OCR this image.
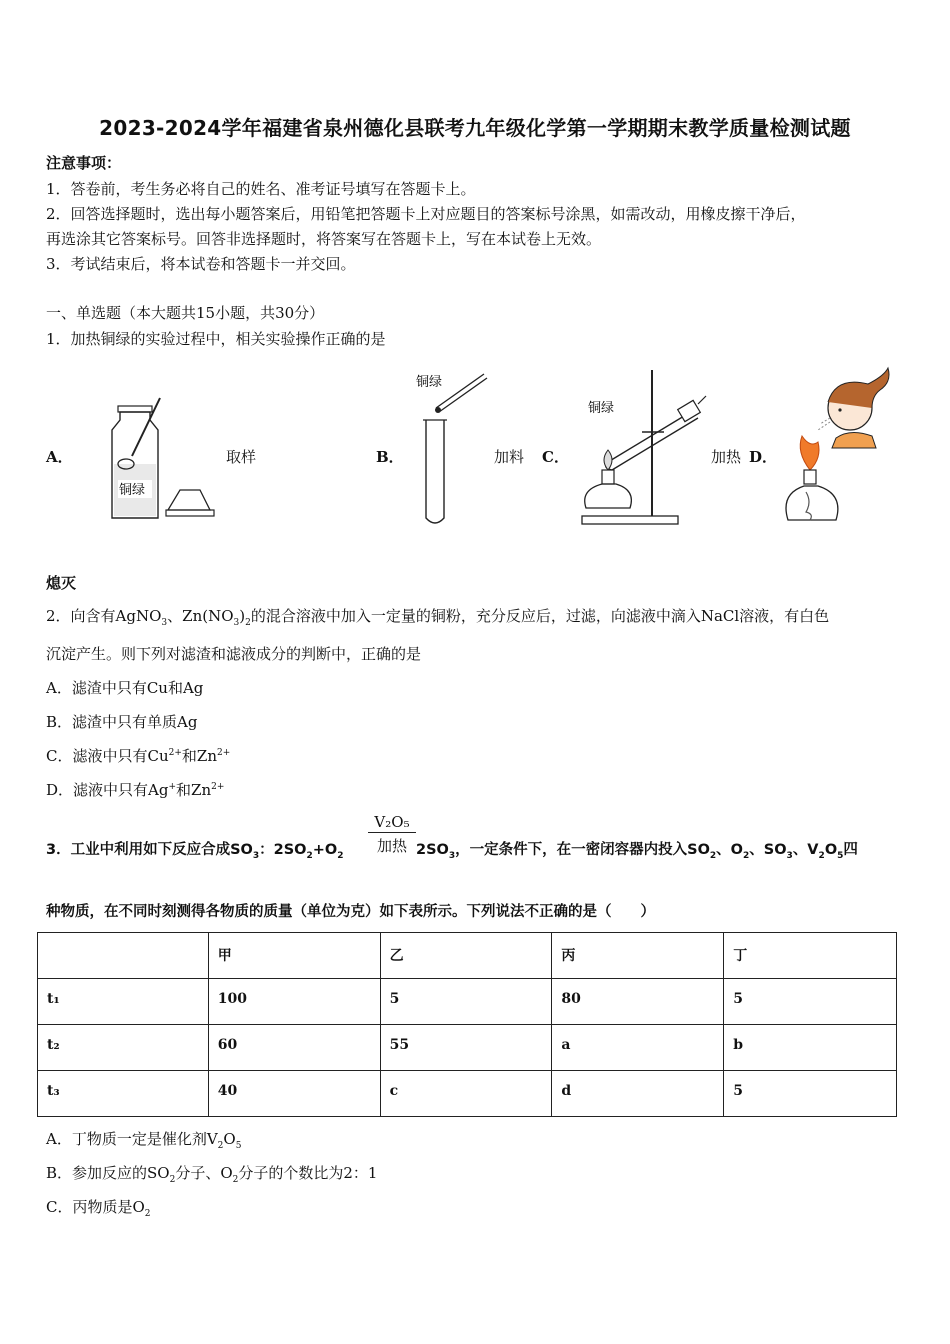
2023-2024学年福建省泉州德化县联考九年级化学第一学期期末教学质量检测试题
注意事项：
1．答卷前，考生务必将自己的姓名、准考证号填写在答题卡上。
2．回答选择题时，选出每小题答案后，用铅笔把答题卡上对应题目的答案标号涂黑，如需改动，用橡皮擦干净后，
再选涂其它答案标号。回答非选择题时，将答案写在答题卡上，写在本试卷上无效。
3．考试结束后，将本试卷和答题卡一并交回。
一、单选题（本大题共15小题，共30分）
1．加热铜绿的实验过程中，相关实验操作正确的是
A．	取样	B．	加料 C．	加热 D．
铜绿
铜绿
铜绿
熄灭
2．向含有AgNO$_3$、$Zn(NO_3)_2$的混合溶液中加入一定量的铜粉，充分反应后，过滤，向滤液中滴入NaCl溶液，有白色
沉淀产生。则下列对滤渣和滤液成分的判断中，正确的是
A．滤渣中只有Cu和Ag
B．滤渣中只有单质Ag
C．滤液中只有$Cu^{2+}$和$Zn^{2+}$
D．滤液中只有Ag+和$Zn^{2+}$
3．工业中利用如下反应合成$SO_3$：$2SO_2+O_2$
V₂O₅
加热 $2SO_3$，一定条件下，在一密闭容器内投入$SO_2$、$O_2$、$SO_3$、$V_2O_5$四
种物质，在不同时刻测得各物质的质量（单位为克）如下表所示。下列说法不正确的是（　　）
	甲	乙	丙	丁
t₁	100	5	80	5
t₂	60	55	a	b
t₃	40	c	d	5
A．丁物质一定是催化剂$V_2O_5$
B．参加反应的$SO_2$分子、$O_2$分子的个数比为2：1
C．丙物质是$O_2$
